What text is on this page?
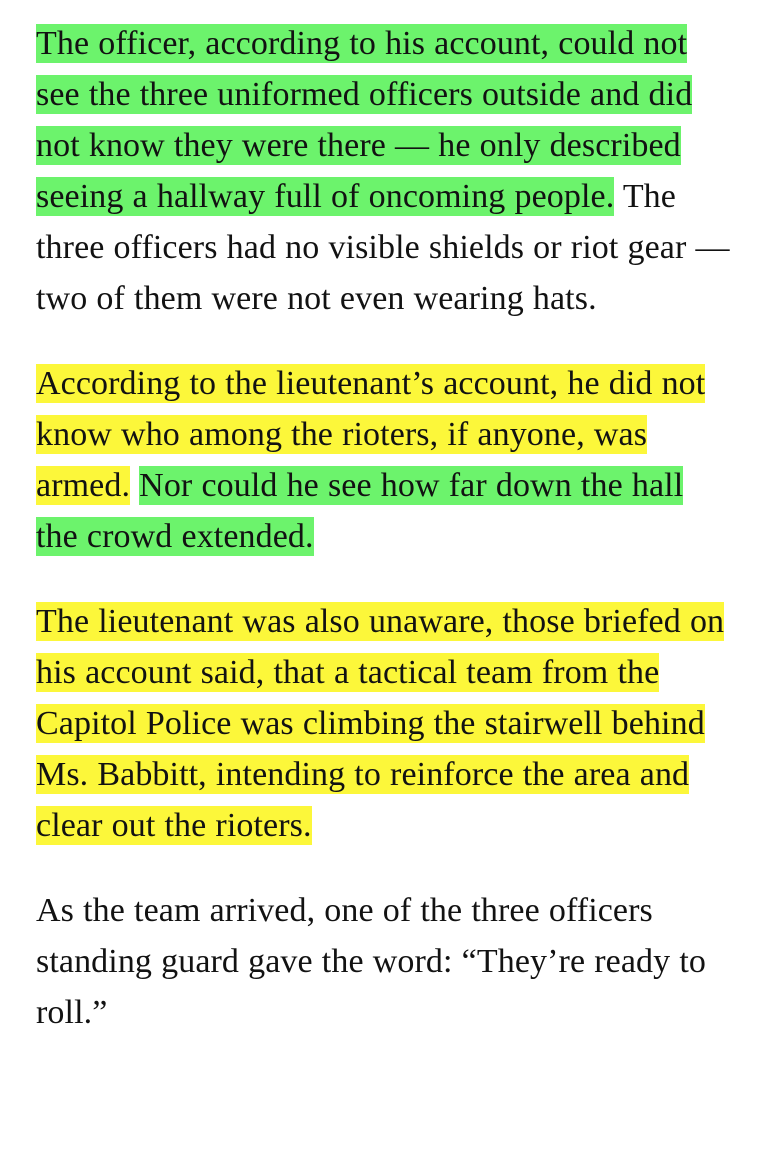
The officer, according to his account, could not see the three uniformed officers outside and did not know they were there — he only described seeing a hallway full of oncoming people. The three officers had no visible shields or riot gear — two of them were not even wearing hats.

According to the lieutenant’s account, he did not know who among the rioters, if anyone, was armed. Nor could he see how far down the hall the crowd extended.

The lieutenant was also unaware, those briefed on his account said, that a tactical team from the Capitol Police was climbing the stairwell behind Ms. Babbitt, intending to reinforce the area and clear out the rioters.

As the team arrived, one of the three officers standing guard gave the word: “They’re ready to roll.”
